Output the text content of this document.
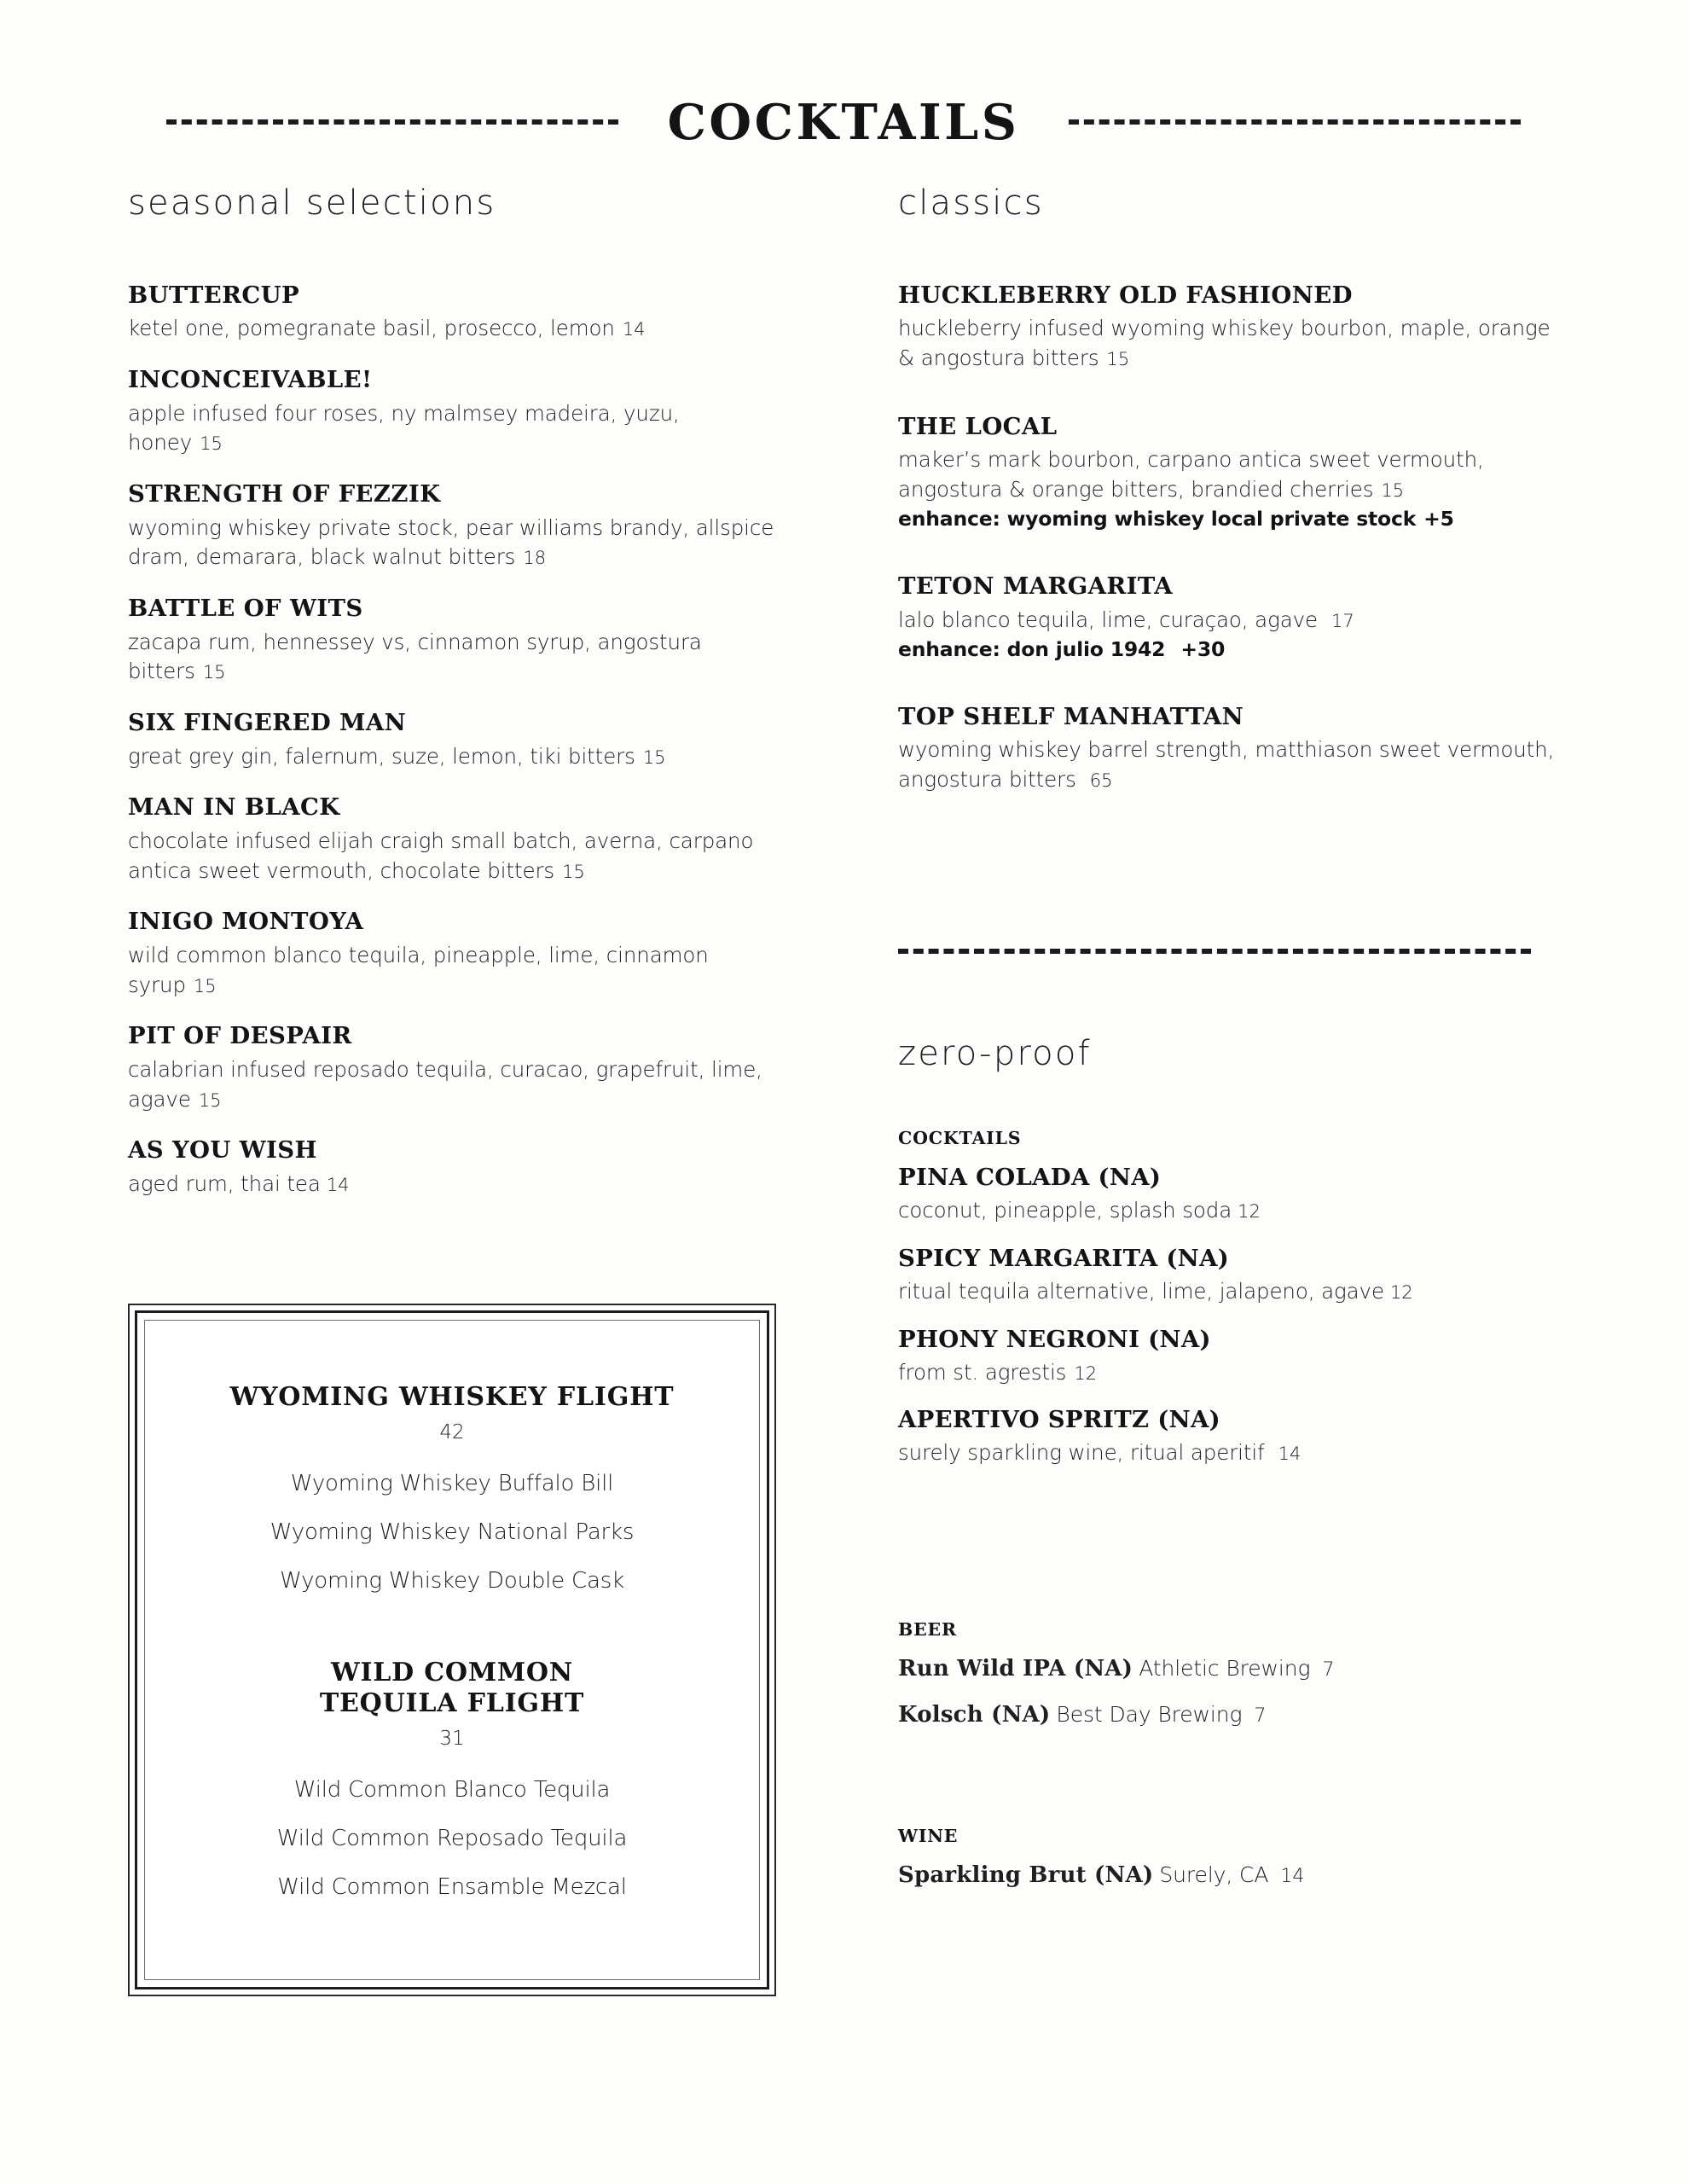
COCKTAILS
seasonal selections
BUTTERCUP
ketel one, pomegranate basil, prosecco, lemon 14
INCONCEIVABLE!
apple infused four roses, ny malmsey madeira, yuzu, honey 15
STRENGTH OF FEZZIK
wyoming whiskey private stock, pear williams brandy, allspice dram, demarara, black walnut bitters 18
BATTLE OF WITS
zacapa rum, hennessey vs, cinnamon syrup, angostura bitters 15
SIX FINGERED MAN
great grey gin, falernum, suze, lemon, tiki bitters 15
MAN IN BLACK
chocolate infused elijah craigh small batch, averna, carpano antica sweet vermouth, chocolate bitters 15
INIGO MONTOYA
wild common blanco tequila, pineapple, lime, cinnamon syrup 15
PIT OF DESPAIR
calabrian infused reposado tequila, curacao, grapefruit, lime, agave 15
AS YOU WISH
aged rum, thai tea 14
WYOMING WHISKEY FLIGHT
42
Wyoming Whiskey Buffalo Bill
Wyoming Whiskey National Parks
Wyoming Whiskey Double Cask
WILD COMMON
TEQUILA FLIGHT
31
Wild Common Blanco Tequila
Wild Common Reposado Tequila
Wild Common Ensamble Mezcal
classics
HUCKLEBERRY OLD FASHIONED
huckleberry infused wyoming whiskey bourbon, maple, orange & angostura bitters 15
THE LOCAL
maker’s mark bourbon, carpano antica sweet vermouth, angostura & orange bitters, brandied cherries 15
enhance: wyoming whiskey local private stock +5
TETON MARGARITA
lalo blanco tequila, lime, curaçao, agave 17
enhance: don julio 1942 +30
TOP SHELF MANHATTAN
wyoming whiskey barrel strength, matthiason sweet vermouth, angostura bitters 65
zero-proof
COCKTAILS
PINA COLADA (NA)
coconut, pineapple, splash soda 12
SPICY MARGARITA (NA)
ritual tequila alternative, lime, jalapeno, agave 12
PHONY NEGRONI (NA)
from st. agrestis 12
APERTIVO SPRITZ (NA)
surely sparkling wine, ritual aperitif 14
BEER
Run Wild IPA (NA) Athletic Brewing 7
Kolsch (NA) Best Day Brewing 7
WINE
Sparkling Brut (NA) Surely, CA 14
